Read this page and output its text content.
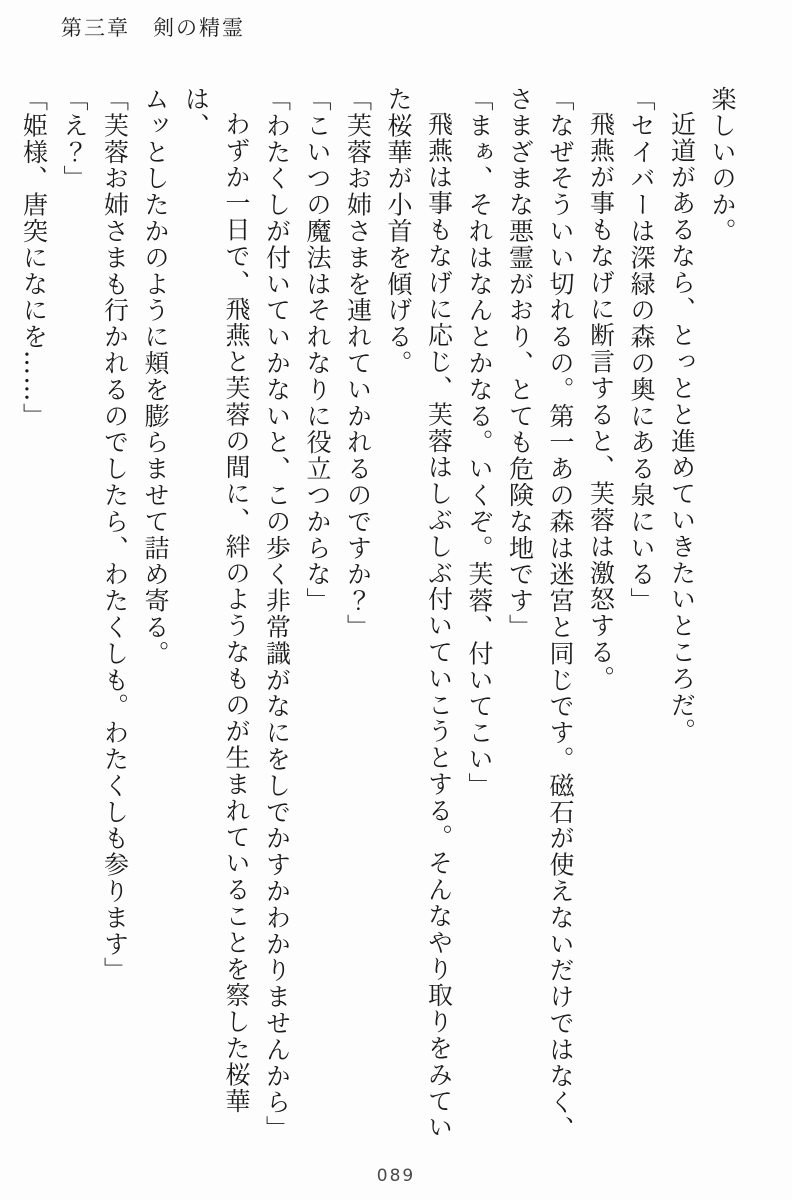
第三章　剣の精霊

楽しいのか。

近道があるなら、とっとと進めていきたいところだ。

「セイバーは深緑の森の奥にある泉にいる」

飛燕が事もなげに断言すると、芙蓉は激怒する。

「なぜそういい切れるの。第一あの森は迷宮と同じです。磁石が使えないだけではなく、

さまざまな悪霊がおり、とても危険な地です」

「まぁ、それはなんとかなる。いくぞ。芙蓉、付いてこい」

飛燕は事もなげに応じ、芙蓉はしぶしぶ付いていこうとする。そんなやり取りをみてい

た桜華が小首を傾げる。

「芙蓉お姉さまを連れていかれるのですか？」

「こいつの魔法はそれなりに役立つからな」

「わたくしが付いていかないと、この歩く非常識がなにをしでかすかわかりませんから」

わずか一日で、飛燕と芙蓉の間に、絆のようなものが生まれていることを察した桜華は、

ムッとしたかのように頬を膨らませて詰め寄る。

「芙蓉お姉さまも行かれるのでしたら、わたくしも。わたくしも参ります」

「え？」

「姫様、唐突になにを……」

089
